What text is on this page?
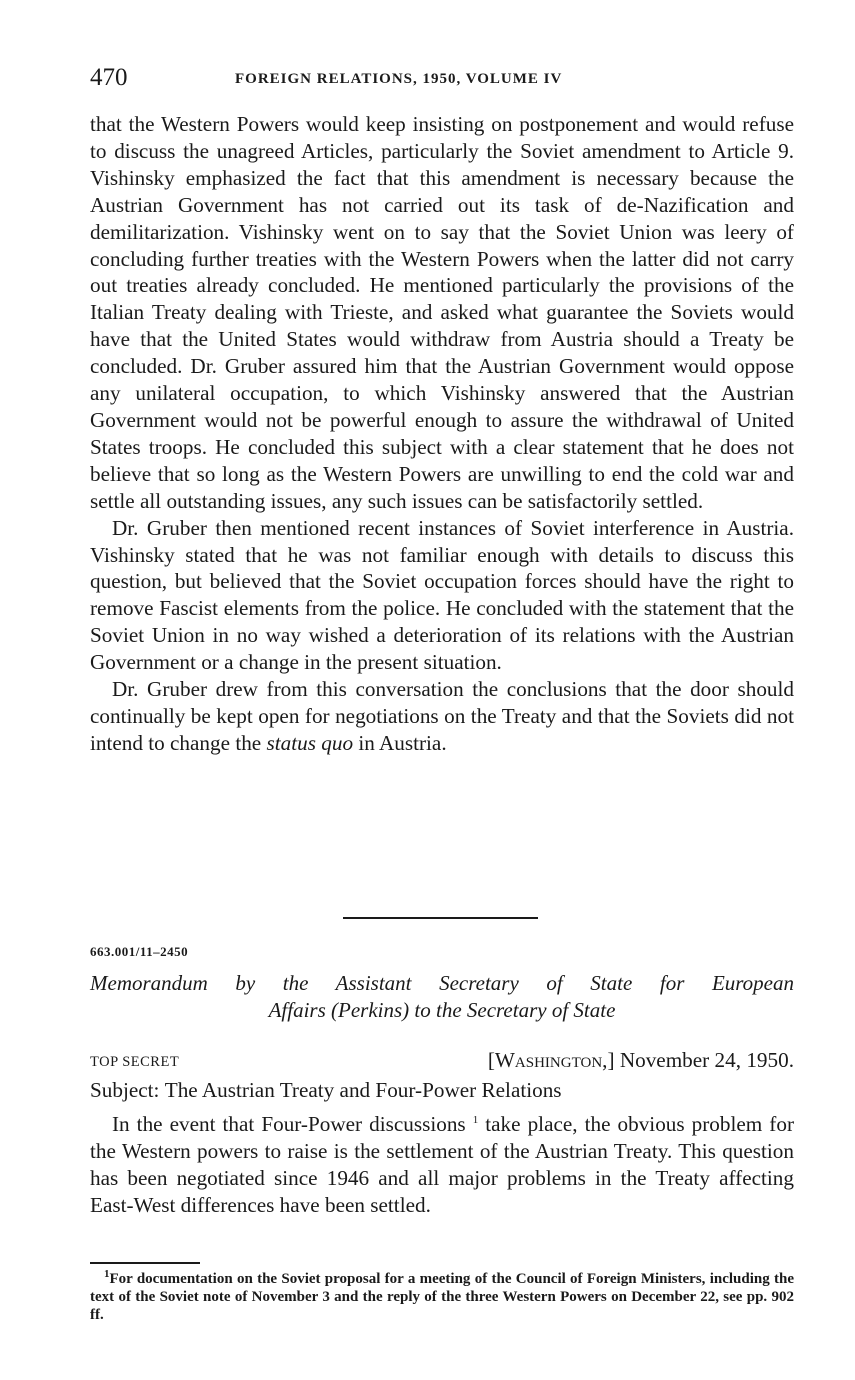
470	FOREIGN RELATIONS, 1950, VOLUME IV

that the Western Powers would keep insisting on postponement and would refuse to discuss the unagreed Articles, particularly the Soviet amendment to Article 9. Vishinsky emphasized the fact that this amendment is necessary because the Austrian Government has not carried out its task of de-Nazification and demilitarization. Vishinsky went on to say that the Soviet Union was leery of concluding further treaties with the Western Powers when the latter did not carry out treaties already concluded. He mentioned particularly the provisions of the Italian Treaty dealing with Trieste, and asked what guarantee the Soviets would have that the United States would withdraw from Austria should a Treaty be concluded. Dr. Gruber assured him that the Austrian Government would oppose any unilateral occupation, to which Vishinsky answered that the Austrian Government would not be powerful enough to assure the withdrawal of United States troops. He concluded this subject with a clear statement that he does not believe that so long as the Western Powers are unwilling to end the cold war and settle all outstanding issues, any such issues can be satisfactorily settled.

Dr. Gruber then mentioned recent instances of Soviet interference in Austria. Vishinsky stated that he was not familiar enough with details to discuss this question, but believed that the Soviet occupation forces should have the right to remove Fascist elements from the police. He concluded with the statement that the Soviet Union in no way wished a deterioration of its relations with the Austrian Government or a change in the present situation.

Dr. Gruber drew from this conversation the conclusions that the door should continually be kept open for negotiations on the Treaty and that the Soviets did not intend to change the status quo in Austria.

663.001/11–2450
Memorandum by the Assistant Secretary of State for European
Affairs (Perkins) to the Secretary of State
TOP SECRET	[Washington,] November 24, 1950.
Subject: The Austrian Treaty and Four-Power Relations

In the event that Four-Power discussions $^1$ take place, the obvious problem for the Western powers to raise is the settlement of the Austrian Treaty. This question has been negotiated since 1946 and all major problems in the Treaty affecting East-West differences have been settled.

$^1$For documentation on the Soviet proposal for a meeting of the Council of Foreign Ministers, including the text of the Soviet note of November 3 and the reply of the three Western Powers on December 22, see pp. 902 ff.
